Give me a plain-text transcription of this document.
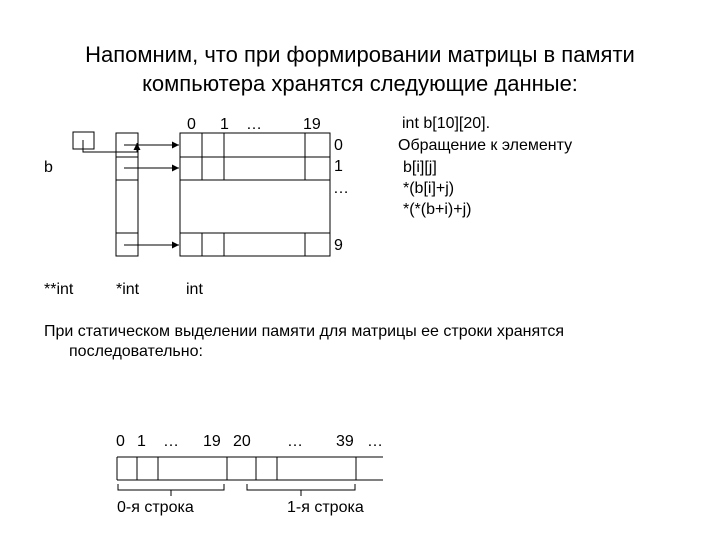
Напомним, что при формировании матрицы в памяти
компьютера хранятся следующие данные:
0 1 …	19
0
1
…
9
b
**int	*int	int
int b[10][20].
Обращение к элементу
b[i][j]
*(b[i]+j)
*(*(b+i)+j)
При статическом выделении памяти для матрицы ее строки хранятся
последовательно:
0 1 … 19 20 … 39 …
0-я строка	1-я строка
